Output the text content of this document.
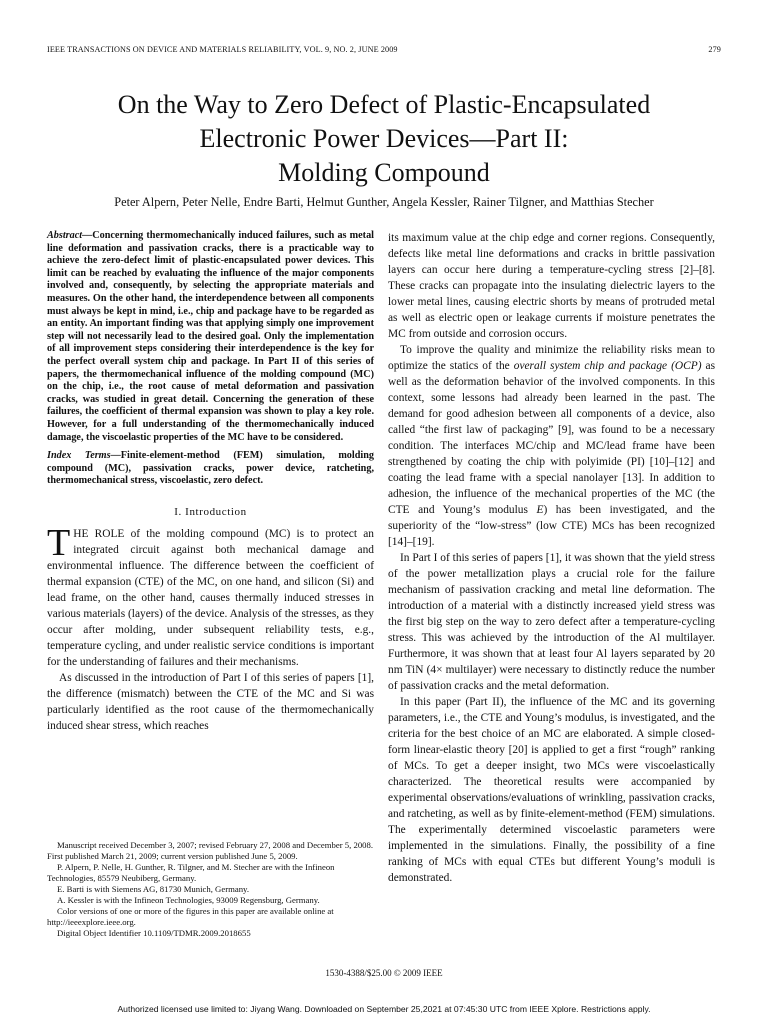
IEEE TRANSACTIONS ON DEVICE AND MATERIALS RELIABILITY, VOL. 9, NO. 2, JUNE 2009	279
On the Way to Zero Defect of Plastic-Encapsulated
Electronic Power Devices—Part II:
Molding Compound
Peter Alpern, Peter Nelle, Endre Barti, Helmut Gunther, Angela Kessler, Rainer Tilgner, and Matthias Stecher
Abstract—Concerning thermomechanically induced failures, such as metal line deformation and passivation cracks, there is a practicable way to achieve the zero-defect limit of plastic-encapsulated power devices. This limit can be reached by evaluating the influence of the major components involved and, consequently, by selecting the appropriate materials and measures. On the other hand, the interdependence between all components must always be kept in mind, i.e., chip and package have to be regarded as an entity. An important finding was that applying simply one improvement step will not necessarily lead to the desired goal. Only the implementation of all improvement steps considering their interdependence is the key for the perfect overall system chip and package. In Part II of this series of papers, the thermomechanical influence of the molding compound (MC) on the chip, i.e., the root cause of metal deformation and passivation cracks, was studied in great detail. Concerning the generation of these failures, the coefficient of thermal expansion was shown to play a key role. However, for a full understanding of the thermomechanically induced damage, the viscoelastic properties of the MC have to be considered.
Index Terms—Finite-element-method (FEM) simulation, molding compound (MC), passivation cracks, power device, ratcheting, thermomechanical stress, viscoelastic, zero defect.
I. Introduction

THE ROLE of the molding compound (MC) is to protect an integrated circuit against both mechanical damage and environmental influence. The difference between the coefficient of thermal expansion (CTE) of the MC, on one hand, and silicon (Si) and lead frame, on the other hand, causes thermally induced stresses in various materials (layers) of the device. Analysis of the stresses, as they occur after molding, under subsequent reliability tests, e.g., temperature cycling, and under realistic service conditions is important for the understanding of failures and their mechanisms.

As discussed in the introduction of Part I of this series of papers [1], the difference (mismatch) between the CTE of the MC and Si was particularly identified as the root cause of the thermomechanically induced shear stress, which reaches

Manuscript received December 3, 2007; revised February 27, 2008 and December 5, 2008. First published March 21, 2009; current version published June 5, 2009.
P. Alpern, P. Nelle, H. Gunther, R. Tilgner, and M. Stecher are with the Infineon Technologies, 85579 Neubiberg, Germany.
E. Barti is with Siemens AG, 81730 Munich, Germany.
A. Kessler is with the Infineon Technologies, 93009 Regensburg, Germany.
Color versions of one or more of the figures in this paper are available online at http://ieeexplore.ieee.org.
Digital Object Identifier 10.1109/TDMR.2009.2018655

its maximum value at the chip edge and corner regions. Consequently, defects like metal line deformations and cracks in brittle passivation layers can occur here during a temperature-cycling stress [2]–[8]. These cracks can propagate into the insulating dielectric layers to the lower metal lines, causing electric shorts by means of protruded metal as well as electric open or leakage currents if moisture penetrates the MC from outside and corrosion occurs.

To improve the quality and minimize the reliability risks mean to optimize the statics of the overall system chip and package (OCP) as well as the deformation behavior of the involved components. In this context, some lessons had already been learned in the past. The demand for good adhesion between all components of a device, also called “the first law of packaging” [9], was found to be a necessary condition. The interfaces MC/chip and MC/lead frame have been strengthened by coating the chip with polyimide (PI) [10]–[12] and coating the lead frame with a special nanolayer [13]. In addition to adhesion, the influence of the mechanical properties of the MC (the CTE and Young’s modulus E) has been investigated, and the superiority of the “low-stress” (low CTE) MCs has been recognized [14]–[19].

In Part I of this series of papers [1], it was shown that the yield stress of the power metallization plays a crucial role for the failure mechanism of passivation cracking and metal line deformation. The introduction of a material with a distinctly increased yield stress was the first big step on the way to zero defect after a temperature-cycling stress. This was achieved by the introduction of the Al multilayer. Furthermore, it was shown that at least four Al layers separated by 20 nm TiN (4× multilayer) were necessary to distinctly reduce the number of passivation cracks and the metal deformation.

In this paper (Part II), the influence of the MC and its governing parameters, i.e., the CTE and Young’s modulus, is investigated, and the criteria for the best choice of an MC are elaborated. A simple closed-form linear-elastic theory [20] is applied to get a first “rough” ranking of MCs. To get a deeper insight, two MCs were viscoelastically characterized. The theoretical results were accompanied by experimental observations/evaluations of wrinkling, passivation cracks, and ratcheting, as well as by finite-element-method (FEM) simulations. The experimentally determined viscoelastic parameters were implemented in the simulations. Finally, the possibility of a fine ranking of MCs with equal CTEs but different Young’s moduli is demonstrated.

1530-4388/$25.00 © 2009 IEEE
Authorized licensed use limited to: Jiyang Wang. Downloaded on September 25,2021 at 07:45:30 UTC from IEEE Xplore. Restrictions apply.
